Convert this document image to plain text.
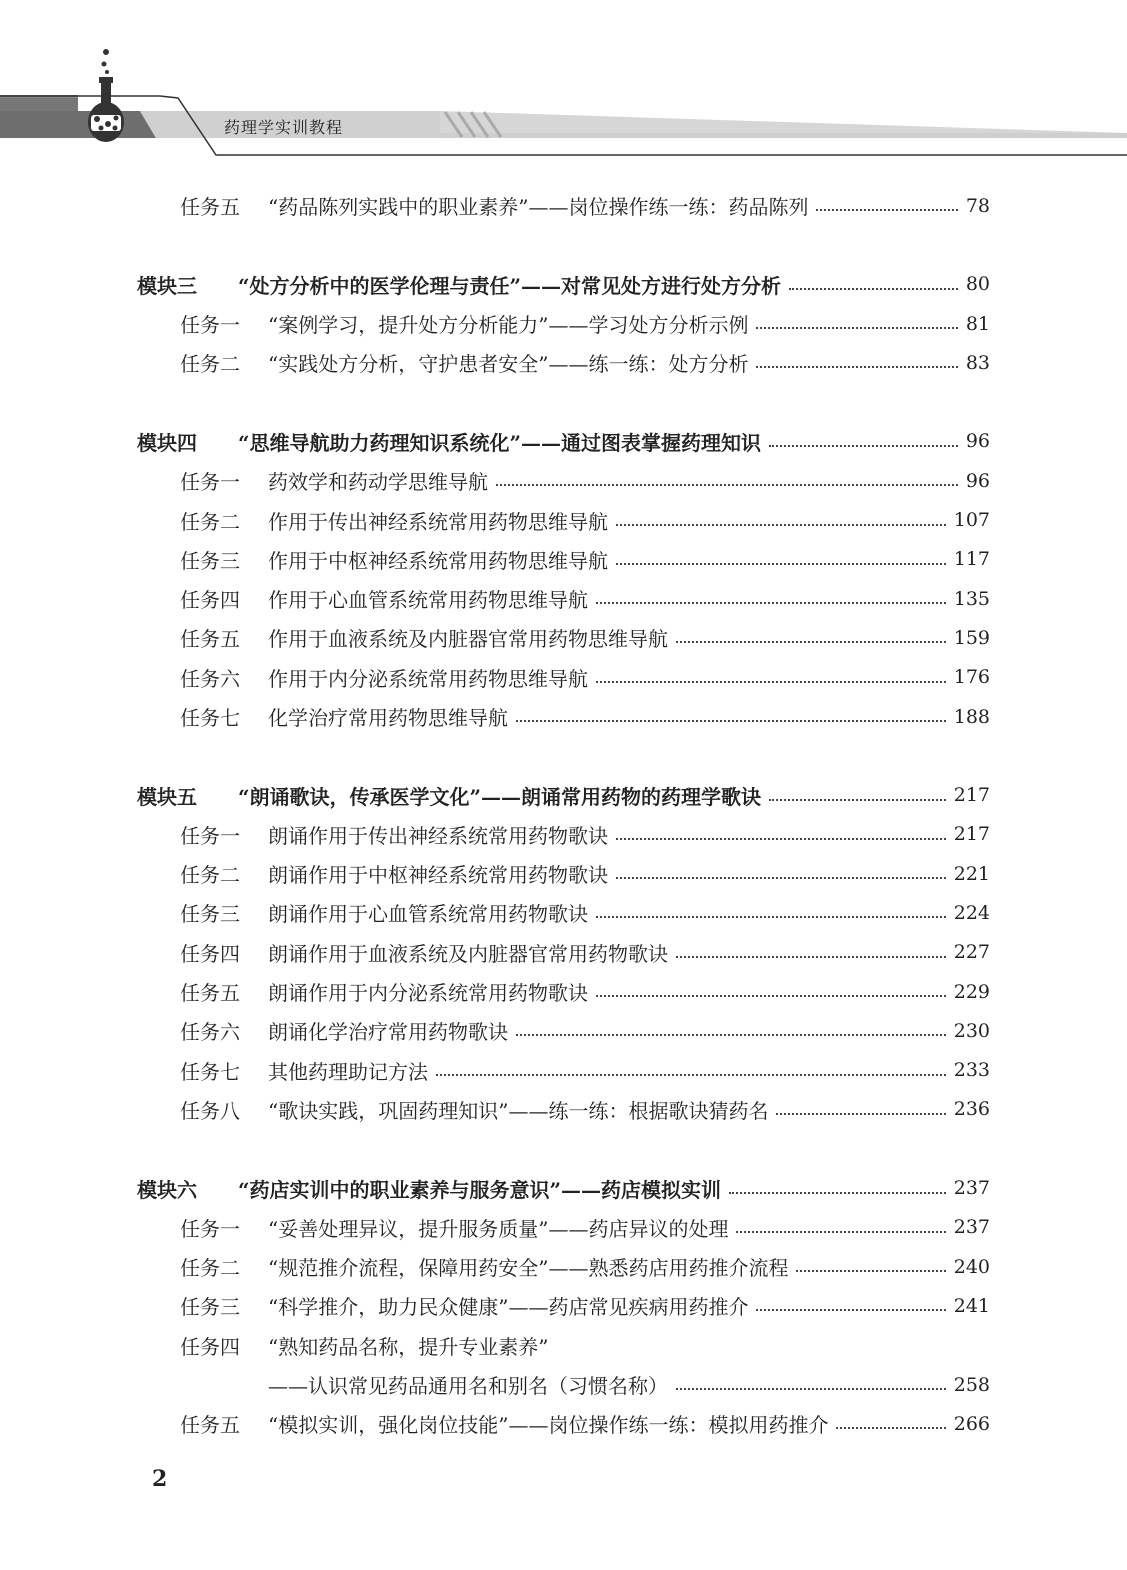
药理学实训教程
任务五 “药品陈列实践中的职业素养”——岗位操作练一练：药品陈列	78
模块三 “处方分析中的医学伦理与责任”——对常见处方进行处方分析	80
任务一 “案例学习，提升处方分析能力”——学习处方分析示例	81
任务二 “实践处方分析，守护患者安全”——练一练：处方分析	83
模块四 “思维导航助力药理知识系统化”——通过图表掌握药理知识	96
任务一 药效学和药动学思维导航	96
任务二 作用于传出神经系统常用药物思维导航	107
任务三 作用于中枢神经系统常用药物思维导航	117
任务四 作用于心血管系统常用药物思维导航	135
任务五 作用于血液系统及内脏器官常用药物思维导航	159
任务六 作用于内分泌系统常用药物思维导航	176
任务七 化学治疗常用药物思维导航	188
模块五 “朗诵歌诀，传承医学文化”——朗诵常用药物的药理学歌诀	217
任务一 朗诵作用于传出神经系统常用药物歌诀	217
任务二 朗诵作用于中枢神经系统常用药物歌诀	221
任务三 朗诵作用于心血管系统常用药物歌诀	224
任务四 朗诵作用于血液系统及内脏器官常用药物歌诀	227
任务五 朗诵作用于内分泌系统常用药物歌诀	229
任务六 朗诵化学治疗常用药物歌诀	230
任务七 其他药理助记方法	233
任务八 “歌诀实践，巩固药理知识”——练一练：根据歌诀猜药名	236
模块六 “药店实训中的职业素养与服务意识”——药店模拟实训	237
任务一 “妥善处理异议，提升服务质量”——药店异议的处理	237
任务二 “规范推介流程，保障用药安全”——熟悉药店用药推介流程	240
任务三 “科学推介，助力民众健康”——药店常见疾病用药推介	241
任务四 “熟知药品名称，提升专业素养”
——认识常见药品通用名和别名（习惯名称）	258
任务五 “模拟实训，强化岗位技能”——岗位操作练一练：模拟用药推介	266
2
